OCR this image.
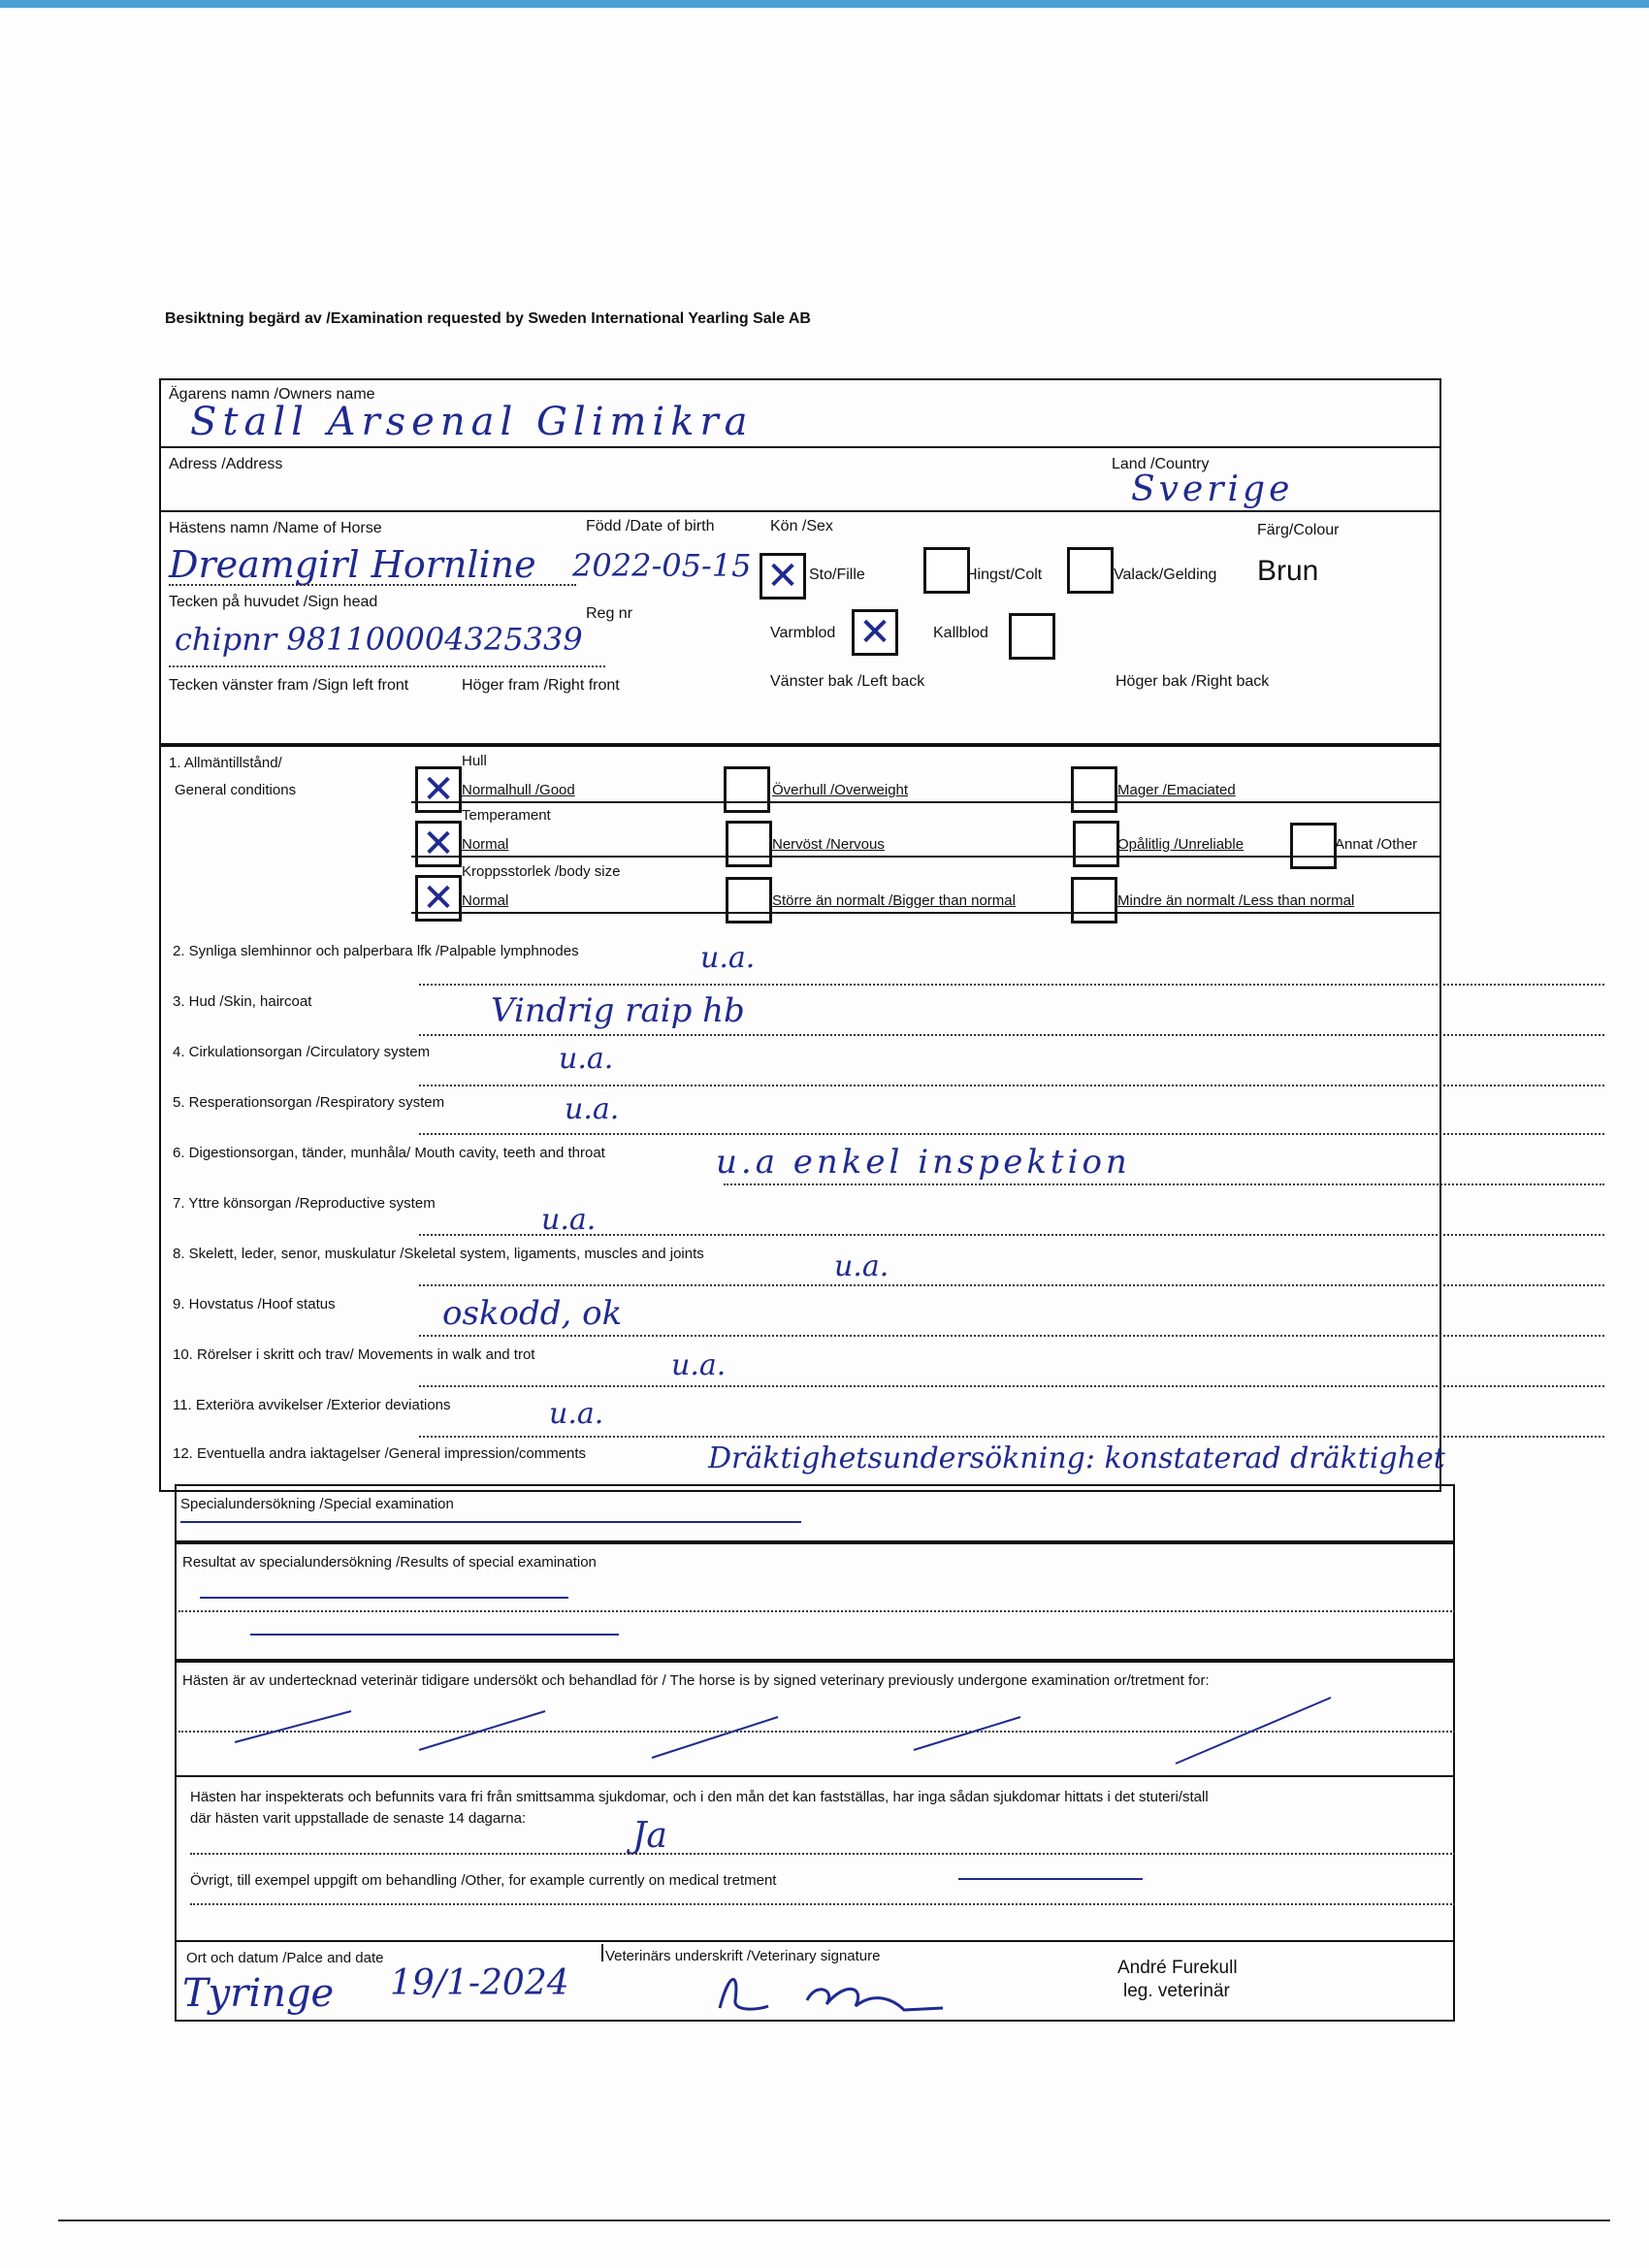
Besiktning begärd av /Examination requested by Sweden International Yearling Sale AB
Ägarens namn /Owners name
Stall Arsenal Glimikra
Adress /Address	Land /Country
Sverige
Hästens namn /Name of Horse	Född /Date of birth	Kön /Sex	Färg/Colour
Dreamgirl Hornline 2022-05-15 ✕ Sto/Fille	Hingst/Colt	Valack/Gelding Brun
Tecken på huvudet /Sign head
Reg nr
chipnr 981100004325339	Varmblod ✕	Kallblod
Tecken vänster fram /Sign left front	Höger fram /Right front	Vänster bak /Left back	Höger bak /Right back
1. Allmäntillstånd/
General conditions
Hull
✕ Normalhull /Good	Överhull /Overweight	Mager /Emaciated
Temperament
✕ Normal	Nervöst /Nervous	Opålitlig /Unreliable	Annat /Other
Kroppsstorlek /body size
✕ Normal	Större än normalt /Bigger than normal	Mindre än normalt /Less than normal
2. Synliga slemhinnor och palperbara lfk /Palpable lymphnodes	u.a.
3. Hud /Skin, haircoat	Vindrig raip hb
4. Cirkulationsorgan /Circulatory system	u.a.
5. Resperationsorgan /Respiratory system	u.a.
6. Digestionsorgan, tänder, munhåla/ Mouth cavity, teeth and throat	u.a enkel inspektion
7. Yttre könsorgan /Reproductive system	u.a.
8. Skelett, leder, senor, muskulatur /Skeletal system, ligaments, muscles and joints	u.a.
9. Hovstatus /Hoof status	oskodd, ok
10. Rörelser i skritt och trav/ Movements in walk and trot	u.a.
11. Exteriöra avvikelser /Exterior deviations	u.a.
12. Eventuella andra iaktagelser /General impression/comments	Dräktighetsundersökning: konstaterad dräktighet
Specialundersökning /Special examination
Resultat av specialundersökning /Results of special examination
Hästen är av undertecknad veterinär tidigare undersökt och behandlad för / The horse is by signed veterinary previously undergone examination or/tretment for:
Hästen har inspekterats och befunnits vara fri från smittsamma sjukdomar, och i den mån det kan fastställas, har inga sådan sjukdomar hittats i det stuteri/stall
där hästen varit uppstallade de senaste 14 dagarna:	Ja
Övrigt, till exempel uppgift om behandling /Other, for example currently on medical tretment
Ort och datum /Palce and date
Tyringe 19/1-2024
Veterinärs underskrift /Veterinary signature
André Furekull
leg. veterinär
